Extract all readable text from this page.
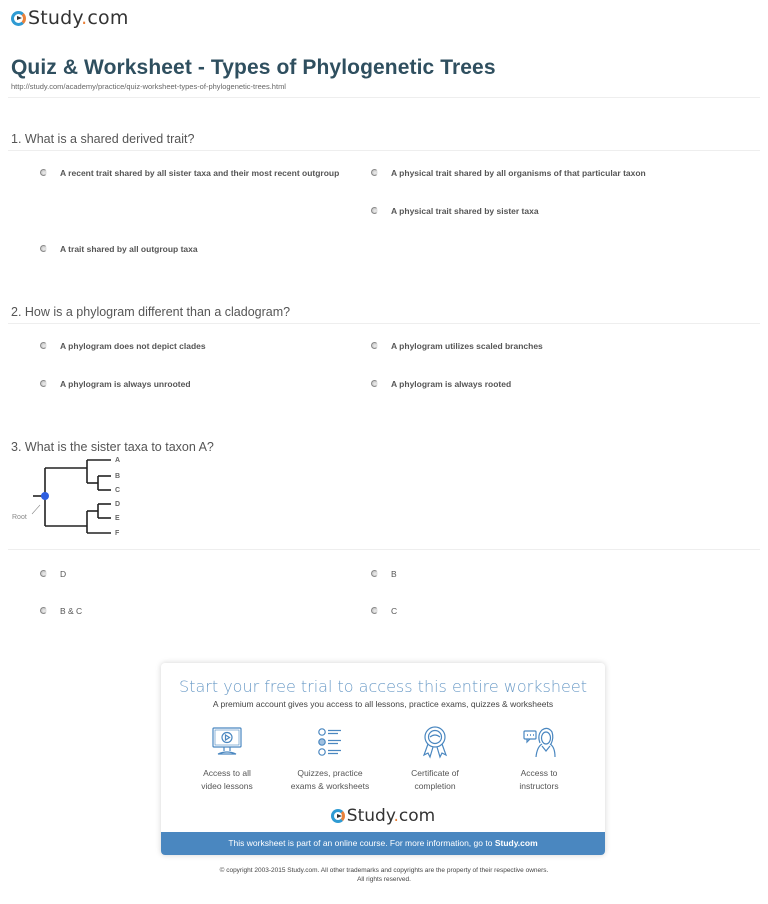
Study.com
Quiz & Worksheet - Types of Phylogenetic Trees
http://study.com/academy/practice/quiz-worksheet-types-of-phylogenetic-trees.html
1. What is a shared derived trait?
A recent trait shared by all sister taxa and their most recent outgroup	A physical trait shared by all organisms of that particular taxon
A physical trait shared by sister taxa
A trait shared by all outgroup taxa
2. How is a phylogram different than a cladogram?
A phylogram does not depict clades	A phylogram utilizes scaled branches
A phylogram is always unrooted	A phylogram is always rooted
3. What is the sister taxa to taxon A?
A
B
C
D
E
F
Root
D	B
B & C	C
Start your free trial to access this entire worksheet
A premium account gives you access to all lessons, practice exams, quizzes & worksheets
Access to all
video lessons
Quizzes, practice
exams & worksheets
Certificate of
completion
Access to
instructors
Study.com
This worksheet is part of an online course. For more information, go to Study.com
© copyright 2003-2015 Study.com. All other trademarks and copyrights are the property of their respective owners.
All rights reserved.
